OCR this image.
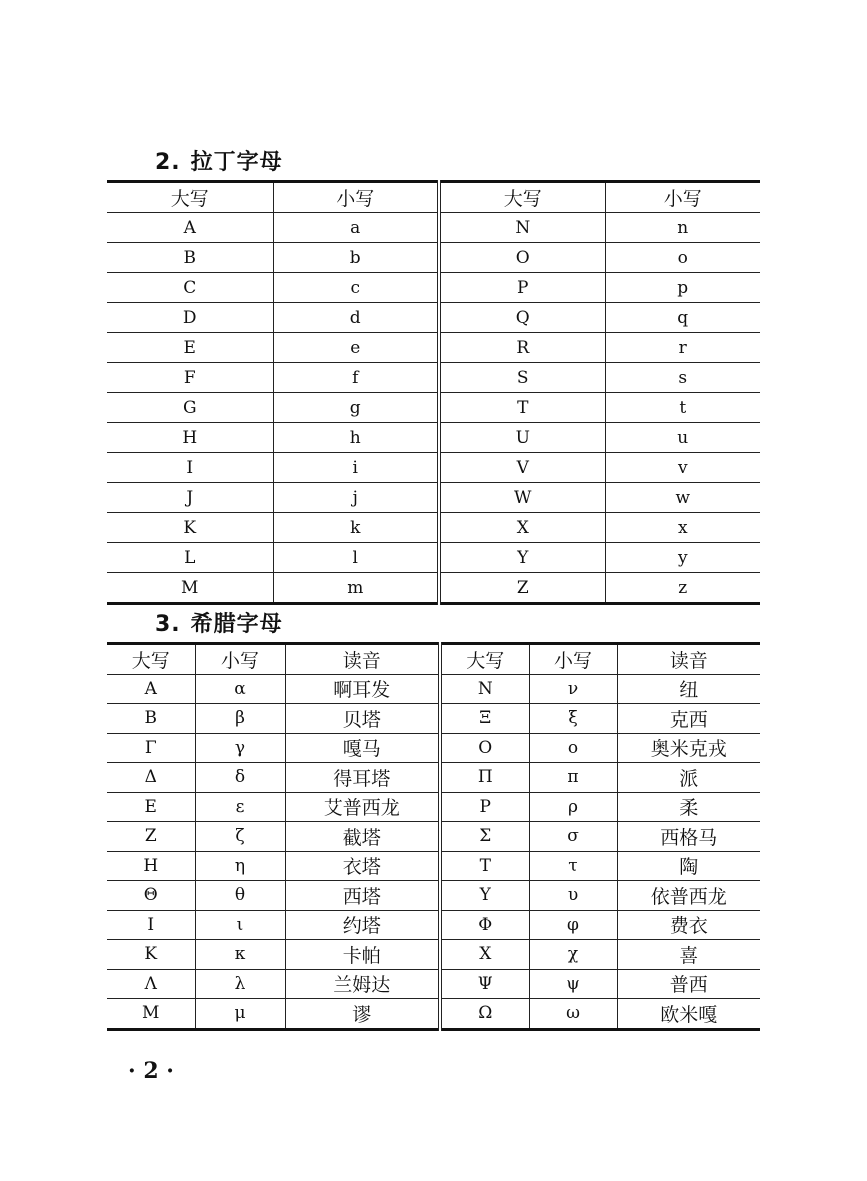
2. 拉丁字母
大写	小写	大写	小写
A	a	N	n
B	b	O	o
C	c	P	p
D	d	Q	q
E	e	R	r
F	f	S	s
G	g	T	t
H	h	U	u
I	i	V	v
J	j	W	w
K	k	X	x
L	l	Y	y
M	m	Z	z
3. 希腊字母
大写	小写	读音	大写	小写	读音
Α	α	啊耳发	Ν	ν	纽
Β	β	贝塔	Ξ	ξ	克西
Γ	γ	嘎马	Ο	ο	奥米克戎
Δ	δ	得耳塔	Π	π	派
Ε	ε	艾普西龙	Ρ	ρ	柔
Ζ	ζ	截塔	Σ	σ	西格马
Η	η	衣塔	Τ	τ	陶
Θ	θ	西塔	Υ	υ	依普西龙
Ι	ι	约塔	Φ	φ	费衣
Κ	κ	卡帕	Χ	χ	喜
Λ	λ	兰姆达	Ψ	ψ	普西
Μ	μ	谬	Ω	ω	欧米嘎
· 2 ·
